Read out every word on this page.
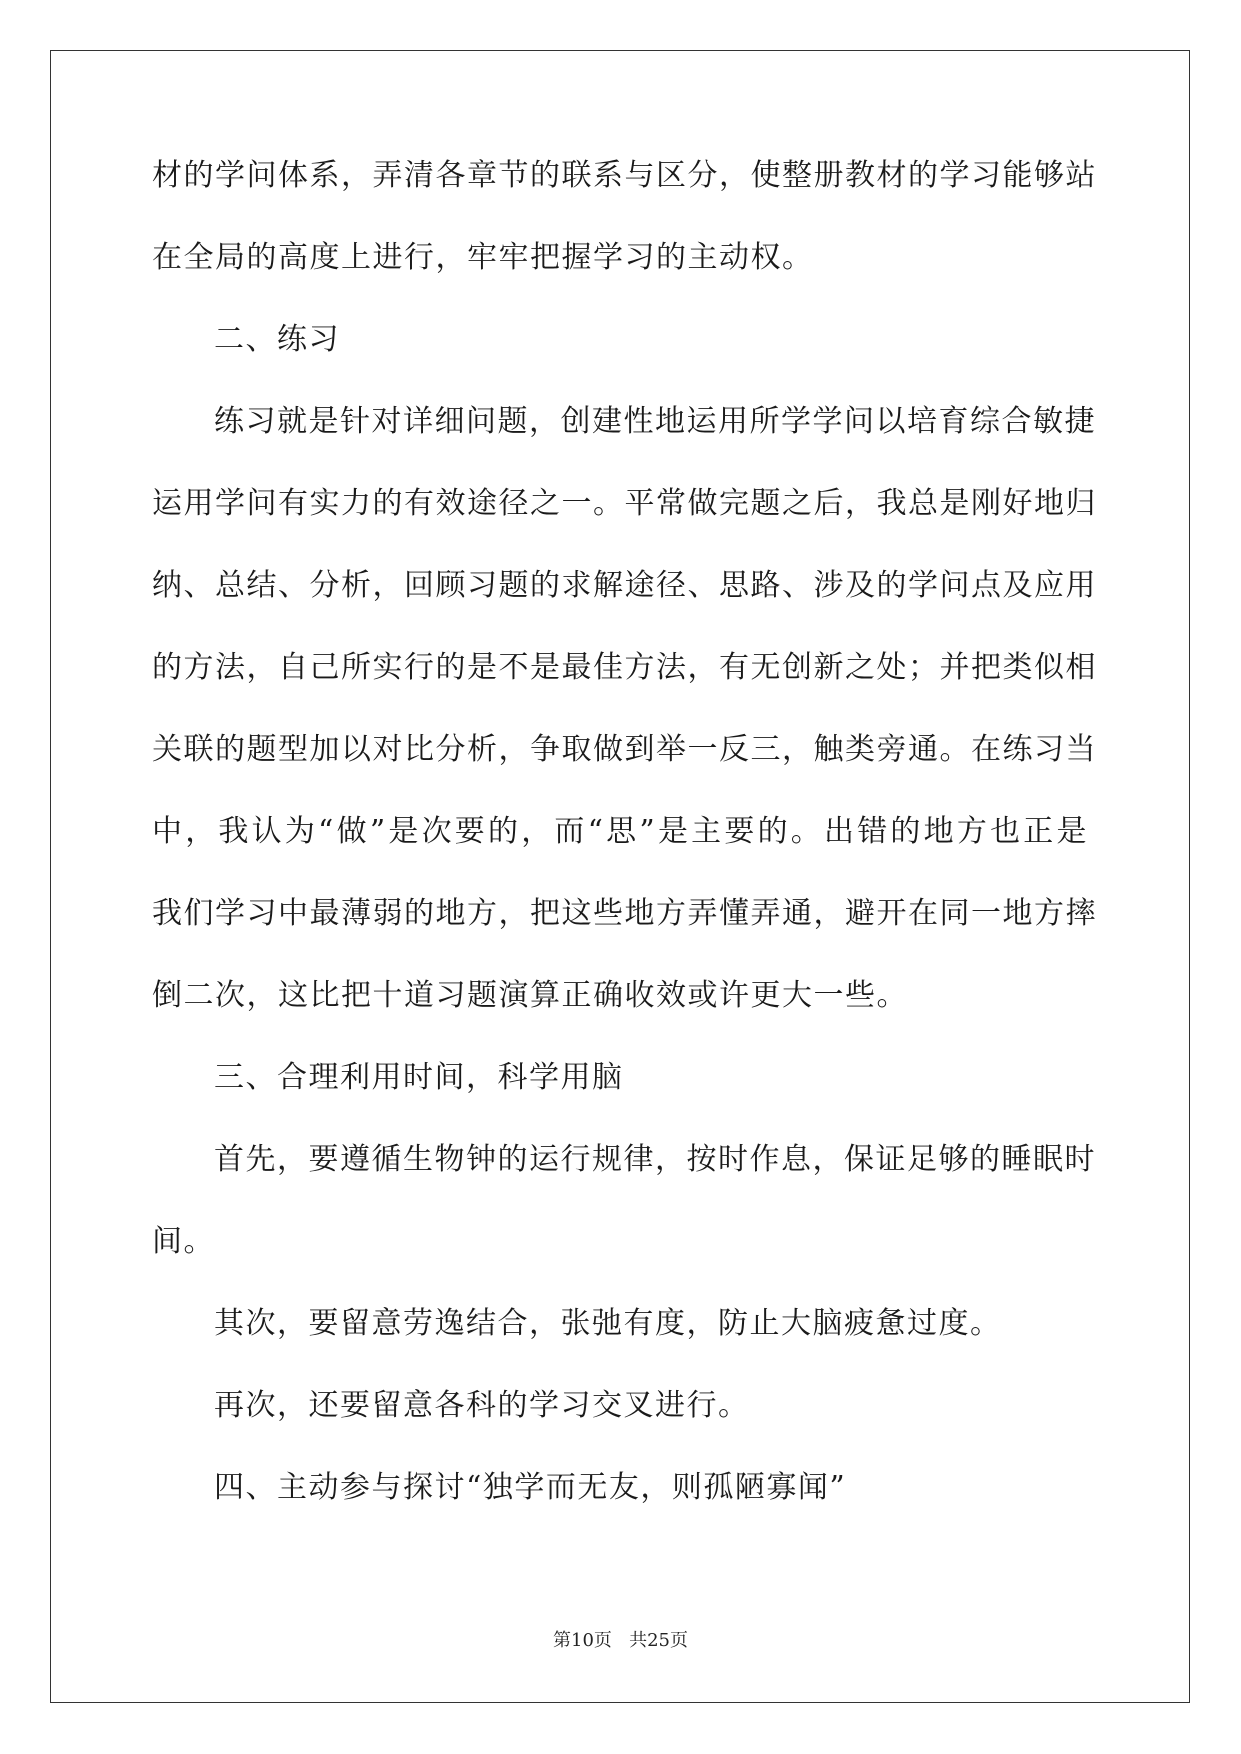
材的学问体系，弄清各章节的联系与区分，使整册教材的学习能够站
在全局的高度上进行，牢牢把握学习的主动权。
二、练习
练习就是针对详细问题，创建性地运用所学学问以培育综合敏捷
运用学问有实力的有效途径之一。平常做完题之后，我总是刚好地归
纳、总结、分析，回顾习题的求解途径、思路、涉及的学问点及应用
的方法，自己所实行的是不是最佳方法，有无创新之处；并把类似相
关联的题型加以对比分析，争取做到举一反三，触类旁通。在练习当
中，我认为“做”是次要的，而“思”是主要的。出错的地方也正是
我们学习中最薄弱的地方，把这些地方弄懂弄通，避开在同一地方摔
倒二次，这比把十道习题演算正确收效或许更大一些。
三、合理利用时间，科学用脑
首先，要遵循生物钟的运行规律，按时作息，保证足够的睡眠时
间。
其次，要留意劳逸结合，张弛有度，防止大脑疲惫过度。
再次，还要留意各科的学习交叉进行。
四、主动参与探讨“独学而无友，则孤陋寡闻”
第10页   共25页
